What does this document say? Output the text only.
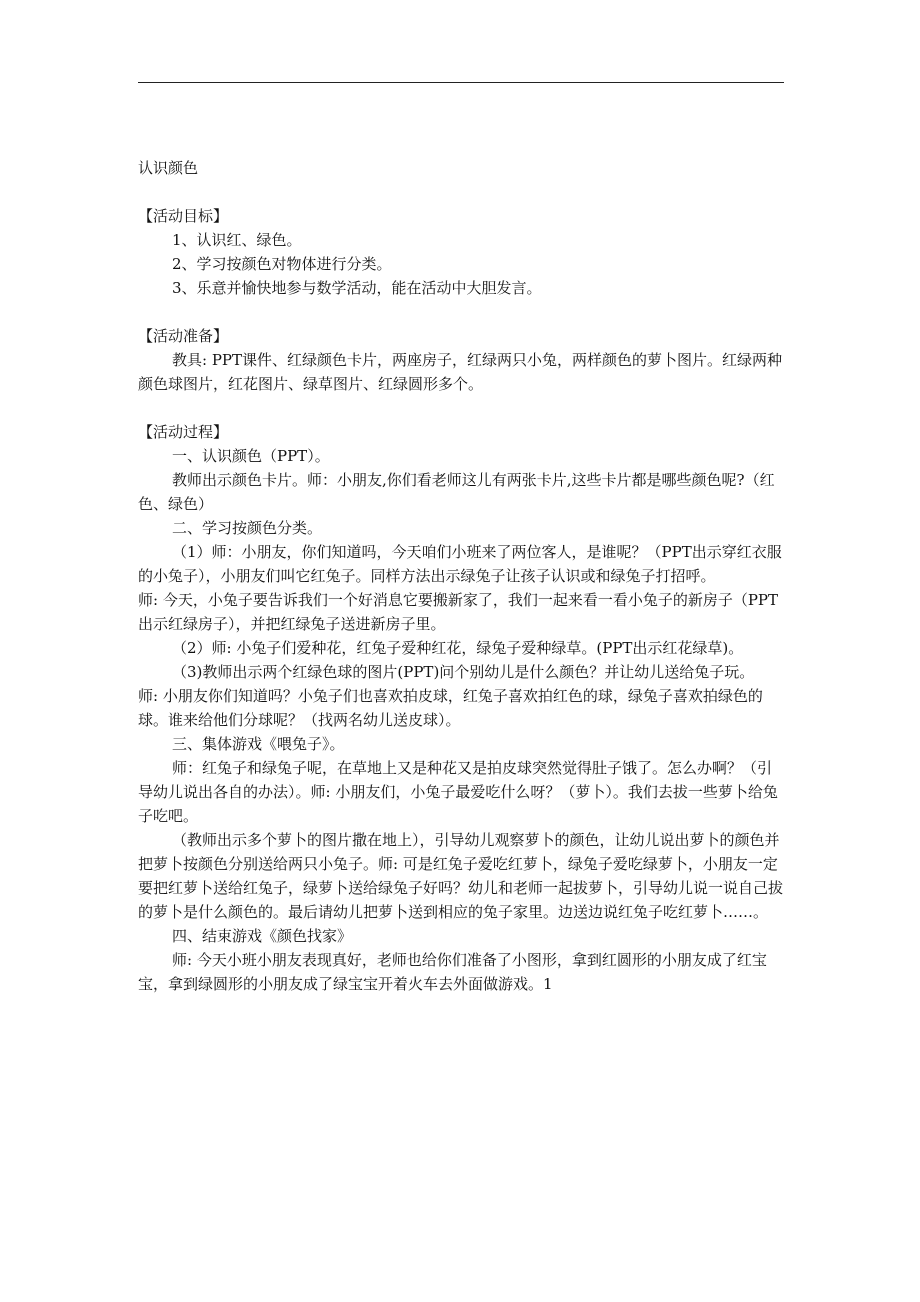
认识颜色

【活动目标】

1、认识红、绿色。

2、学习按颜色对物体进行分类。

3、乐意并愉快地参与数学活动，能在活动中大胆发言。

【活动准备】

教具: PPT课件、红绿颜色卡片，两座房子，红绿两只小兔，两样颜色的萝卜图片。红绿两种颜色球图片，红花图片、绿草图片、红绿圆形多个。

【活动过程】

一、认识颜色（PPT）。

教师出示颜色卡片。师：小朋友,你们看老师这儿有两张卡片,这些卡片都是哪些颜色呢?（红色、绿色）

二、学习按颜色分类。

（1）师：小朋友，你们知道吗，今天咱们小班来了两位客人，是谁呢？（PPT出示穿红衣服的小兔子），小朋友们叫它红兔子。同样方法出示绿兔子让孩子认识或和绿兔子打招呼。

师: 今天，小兔子要告诉我们一个好消息它要搬新家了，我们一起来看一看小兔子的新房子（PPT出示红绿房子），并把红绿兔子送进新房子里。

（2）师: 小兔子们爱种花，红兔子爱种红花，绿兔子爱种绿草。(PPT出示红花绿草)。

（3)教师出示两个红绿色球的图片(PPT)问个别幼儿是什么颜色？并让幼儿送给兔子玩。

师: 小朋友你们知道吗？小兔子们也喜欢拍皮球，红兔子喜欢拍红色的球，绿兔子喜欢拍绿色的球。谁来给他们分球呢？（找两名幼儿送皮球）。

三、集体游戏《喂兔子》。

师：红兔子和绿兔子呢，在草地上又是种花又是拍皮球突然觉得肚子饿了。怎么办啊？（引导幼儿说出各自的办法）。师: 小朋友们，小兔子最爱吃什么呀？（萝卜）。我们去拔一些萝卜给兔子吃吧。

（教师出示多个萝卜的图片撒在地上），引导幼儿观察萝卜的颜色，让幼儿说出萝卜的颜色并把萝卜按颜色分别送给两只小兔子。师: 可是红兔子爱吃红萝卜，绿兔子爱吃绿萝卜，小朋友一定要把红萝卜送给红兔子，绿萝卜送给绿兔子好吗？幼儿和老师一起拔萝卜，引导幼儿说一说自己拔的萝卜是什么颜色的。最后请幼儿把萝卜送到相应的兔子家里。边送边说红兔子吃红萝卜……。

四、结束游戏《颜色找家》

师: 今天小班小朋友表现真好，老师也给你们准备了小图形，拿到红圆形的小朋友成了红宝宝，拿到绿圆形的小朋友成了绿宝宝开着火车去外面做游戏。1
